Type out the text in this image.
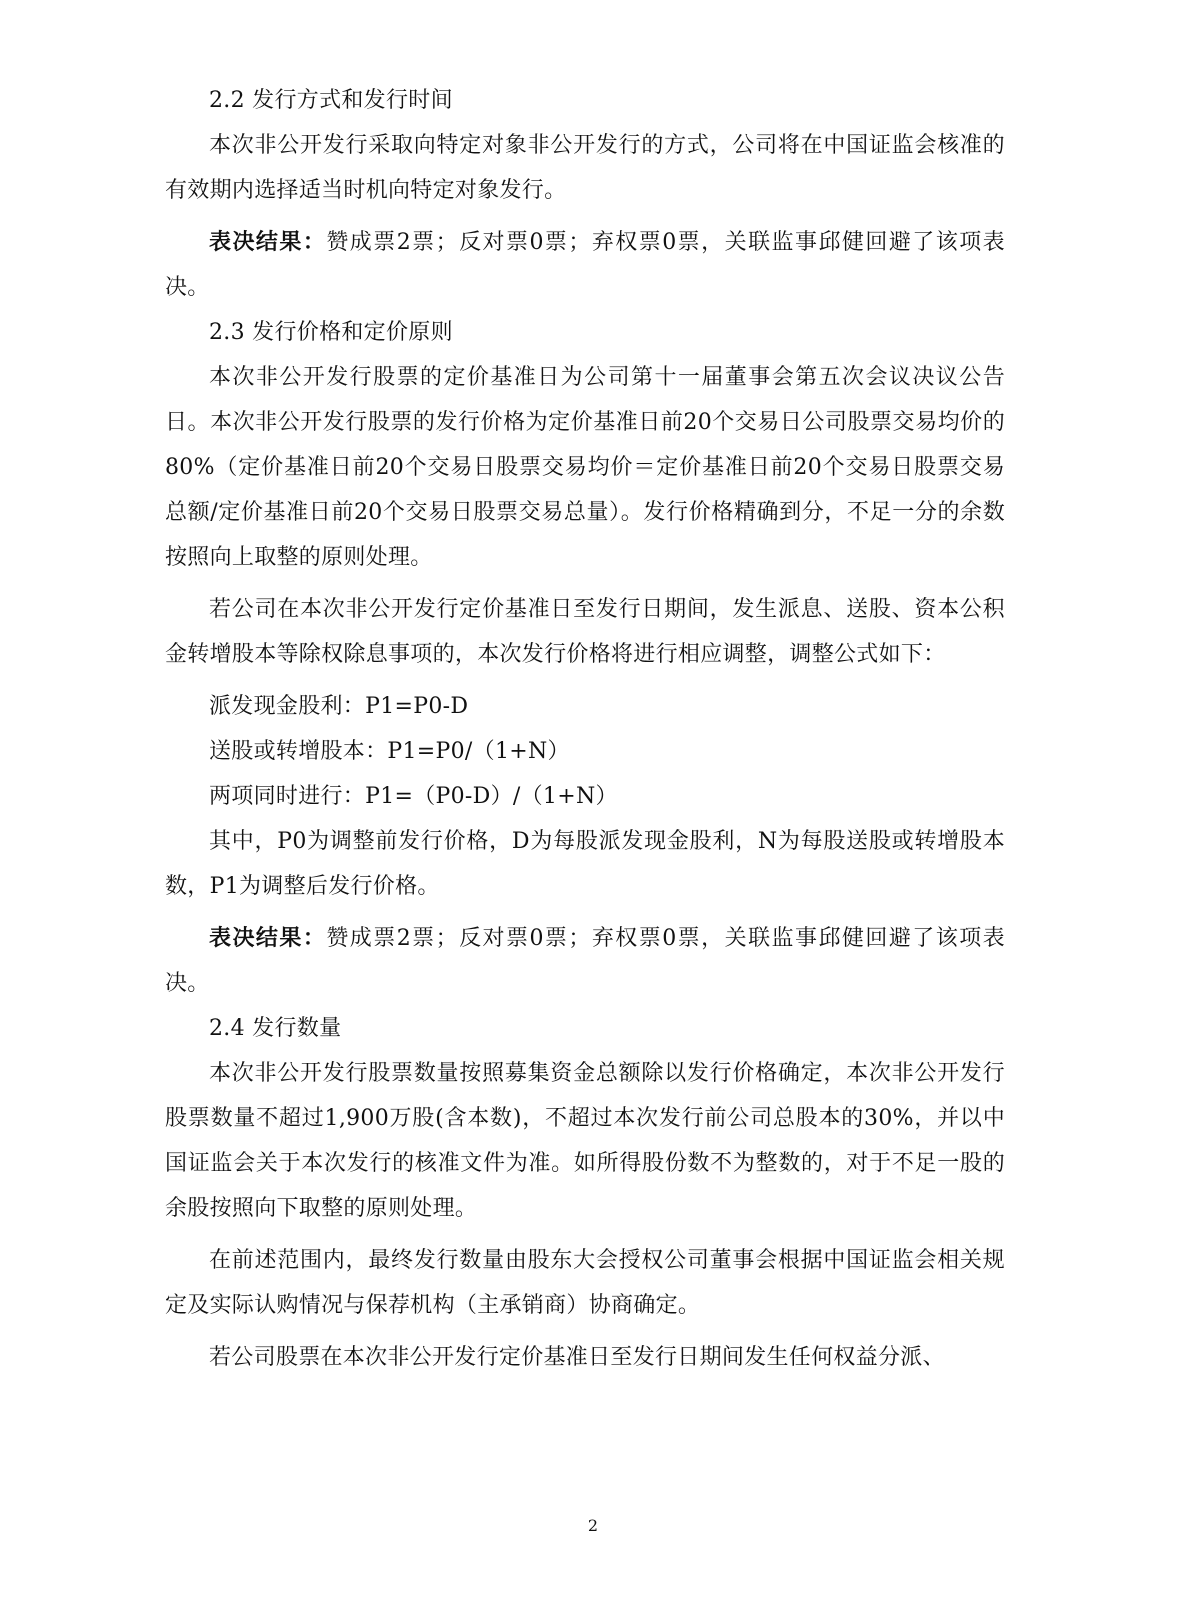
2.2 发行方式和发行时间

本次非公开发行采取向特定对象非公开发行的方式，公司将在中国证监会核准的有效期内选择适当时机向特定对象发行。

表决结果：赞成票2票；反对票0票；弃权票0票，关联监事邱健回避了该项表决。

2.3 发行价格和定价原则

本次非公开发行股票的定价基准日为公司第十一届董事会第五次会议决议公告日。本次非公开发行股票的发行价格为定价基准日前20个交易日公司股票交易均价的80%（定价基准日前20个交易日股票交易均价＝定价基准日前20个交易日股票交易总额/定价基准日前20个交易日股票交易总量）。发行价格精确到分，不足一分的余数按照向上取整的原则处理。

若公司在本次非公开发行定价基准日至发行日期间，发生派息、送股、资本公积金转增股本等除权除息事项的，本次发行价格将进行相应调整，调整公式如下：

派发现金股利：P1=P0-D

送股或转增股本：P1=P0/（1+N）

两项同时进行：P1=（P0-D）/（1+N）

其中，P0为调整前发行价格，D为每股派发现金股利，N为每股送股或转增股本数，P1为调整后发行价格。

表决结果：赞成票2票；反对票0票；弃权票0票，关联监事邱健回避了该项表决。

2.4 发行数量

本次非公开发行股票数量按照募集资金总额除以发行价格确定，本次非公开发行股票数量不超过1,900万股(含本数)，不超过本次发行前公司总股本的30%，并以中国证监会关于本次发行的核准文件为准。如所得股份数不为整数的，对于不足一股的余股按照向下取整的原则处理。

在前述范围内，最终发行数量由股东大会授权公司董事会根据中国证监会相关规定及实际认购情况与保荐机构（主承销商）协商确定。

若公司股票在本次非公开发行定价基准日至发行日期间发生任何权益分派、

2
